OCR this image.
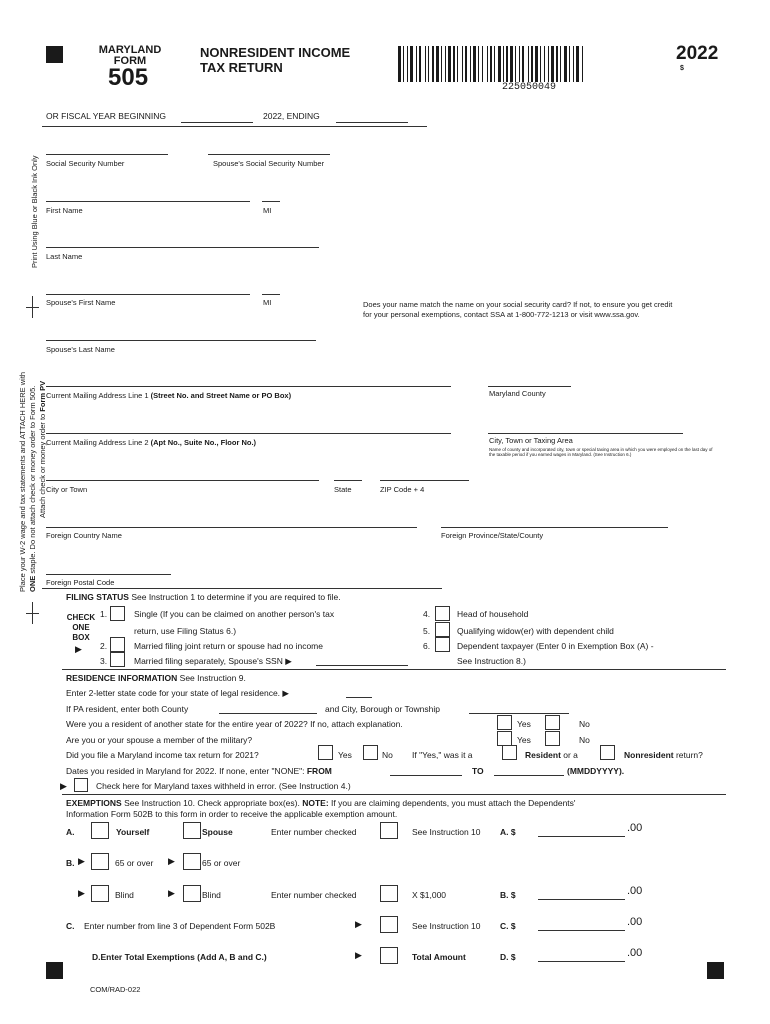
MARYLAND
FORM
505
NONRESIDENT INCOME
TAX RETURN
225050049
2022
$
OR FISCAL YEAR BEGINNING	2022, ENDING
Print Using Blue or Black Ink Only
Place your W-2 wage and tax statements and ATTACH HERE with ONE staple. Do not attach check or money order to Form 505. Attach check or money order to Form PV
Social Security Number	Spouse's Social Security Number
First Name	MI
Last Name
Spouse's First Name	MI	Does your name match the name on your social security card? If not, to ensure you get credit
for your personal exemptions, contact SSA at 1-800-772-1213 or visit www.ssa.gov.
Spouse's Last Name
Current Mailing Address Line 1 (Street No. and Street Name or PO Box)	Maryland County
Current Mailing Address Line 2 (Apt No., Suite No., Floor No.)	City, Town or Taxing Area
Name of county and incorporated city, town or special taxing area in which you were employed on the last day of the taxable period if you earned wages in Maryland. (See Instruction 6.)
City or Town	State	ZIP Code + 4
Foreign Country Name	Foreign Province/State/County
Foreign Postal Code
FILING STATUS See Instruction 1 to determine if you are required to file.
CHECK
ONE
BOX
▶
1.	Single (If you can be claimed on another person's tax
return, use Filing Status 6.)
2.	Married filing joint return or spouse had no income
3.	Married filing separately, Spouse's SSN ▶
4.	Head of household
5.	Qualifying widow(er) with dependent child
6.	Dependent taxpayer (Enter 0 in Exemption Box (A) -
See Instruction 8.)
RESIDENCE INFORMATION See Instruction 9.
Enter 2-letter state code for your state of legal residence. ▶
If PA resident, enter both County	and City, Borough or Township
Were you a resident of another state for the entire year of 2022? If no, attach explanation.	Yes	No
Are you or your spouse a member of the military?	Yes	No
Did you file a Maryland income tax return for 2021?	Yes	No If "Yes," was it a	Resident or a	Nonresident return?
Dates you resided in Maryland for 2022. If none, enter "NONE": FROM	TO	(MMDDYYYY).
▶	Check here for Maryland taxes withheld in error. (See Instruction 4.)
EXEMPTIONS See Instruction 10. Check appropriate box(es). NOTE: If you are claiming dependents, you must attach the Dependents'
Information Form 502B to this form in order to receive the applicable exemption amount.
A.	Yourself	Spouse	Enter number checked	See Instruction 10 A. $	.00
B. ▶	65 or over ▶	65 or over
▶	Blind	▶	Blind	Enter number checked	X $1,000	B. $	.00
C. Enter number from line 3 of Dependent Form 502B	▶	See Instruction 10 C. $	.00
D.Enter Total Exemptions (Add A, B and C.)	▶	Total Amount	D. $	.00
COM/RAD-022
